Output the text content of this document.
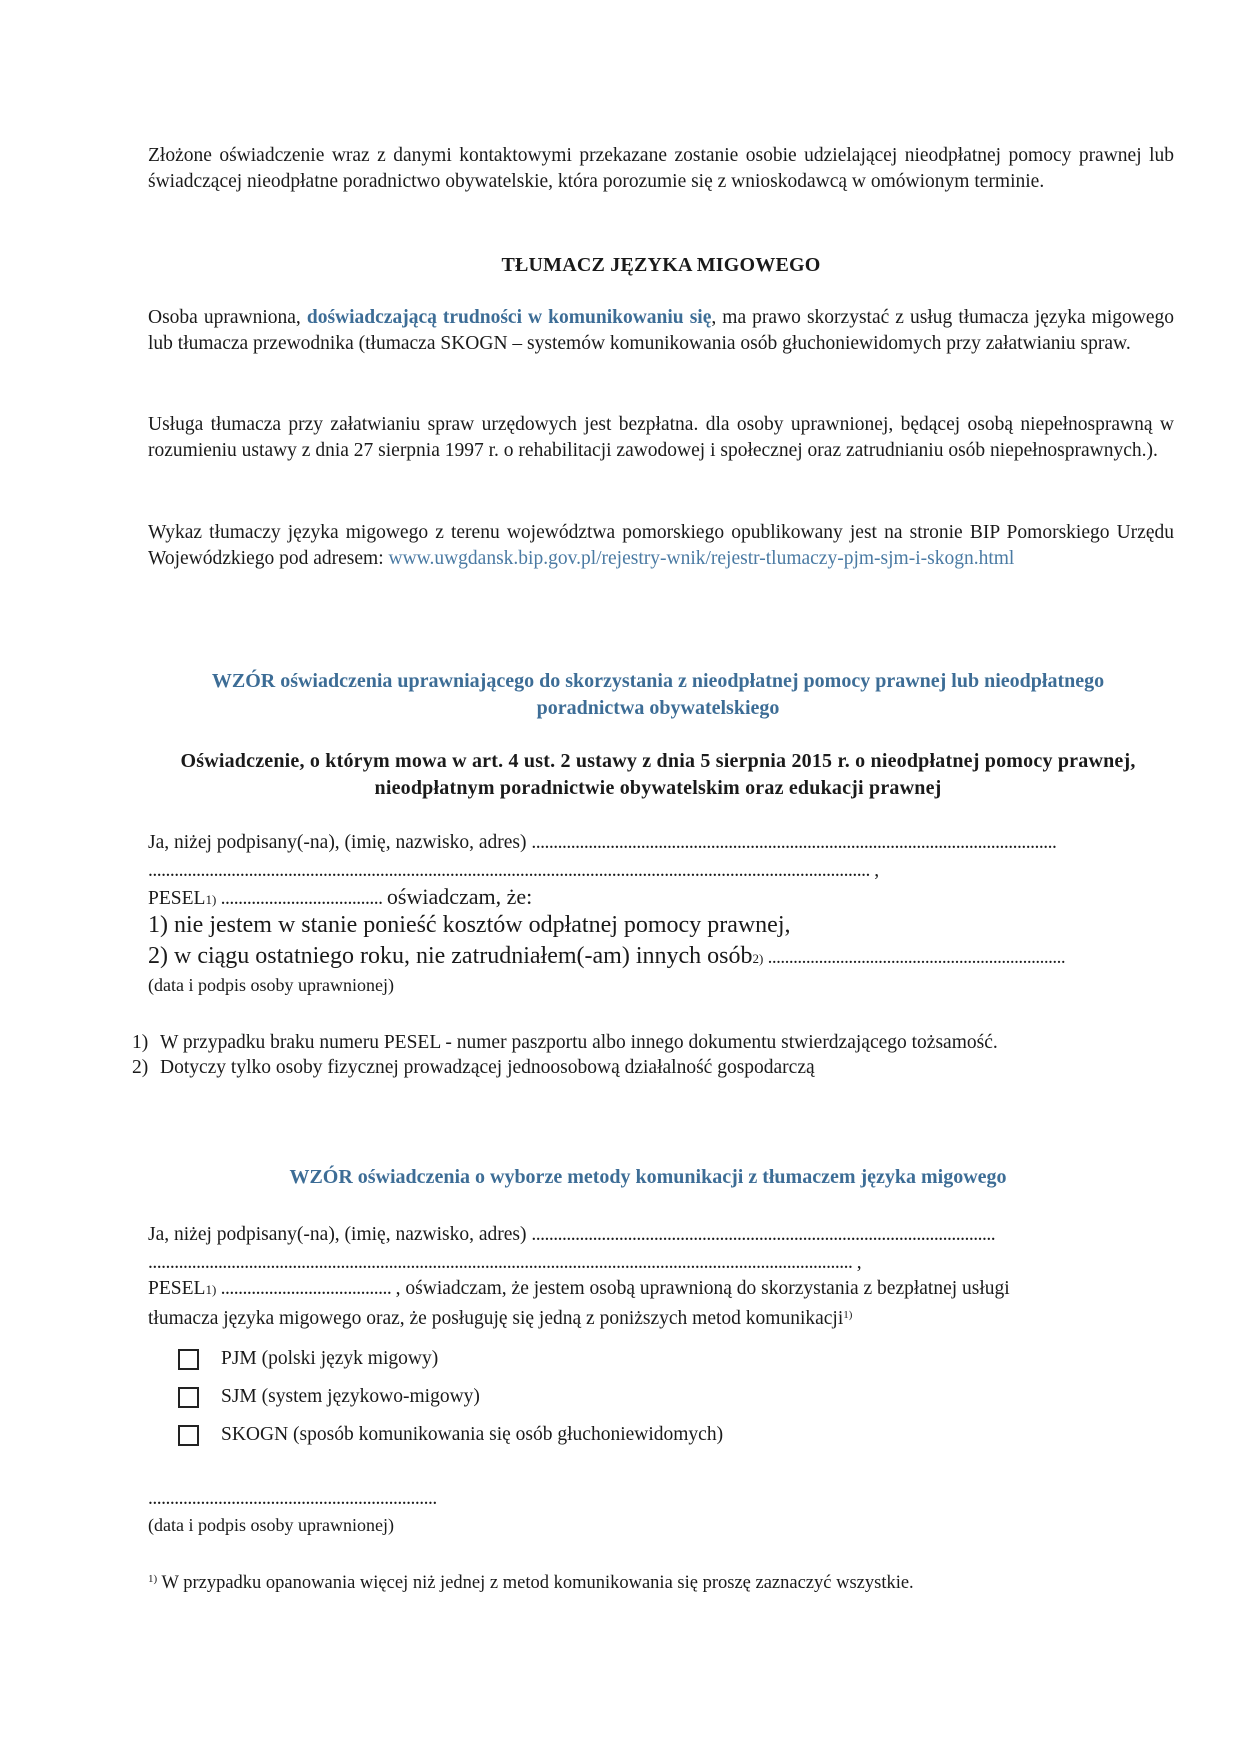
Złożone oświadczenie wraz z danymi kontaktowymi przekazane zostanie osobie udzielającej nieodpłatnej pomocy prawnej lub świadczącej nieodpłatne poradnictwo obywatelskie, która porozumie się z wnioskodawcą w omówionym terminie.
TŁUMACZ JĘZYKA MIGOWEGO
Osoba uprawniona, doświadczającą trudności w komunikowaniu się, ma prawo skorzystać z usług tłumacza języka migowego lub tłumacza przewodnika (tłumacza SKOGN – systemów komunikowania osób głuchoniewidomych przy załatwianiu spraw.
Usługa tłumacza przy załatwianiu spraw urzędowych jest bezpłatna. dla osoby uprawnionej, będącej osobą niepełnosprawną w rozumieniu ustawy z dnia 27 sierpnia 1997 r. o rehabilitacji zawodowej i społecznej oraz zatrudnianiu osób niepełnosprawnych.).
Wykaz tłumaczy języka migowego z terenu województwa pomorskiego opublikowany jest na stronie BIP Pomorskiego Urzędu Wojewódzkiego pod adresem: www.uwgdansk.bip.gov.pl/rejestry-wnik/rejestr-tlumaczy-pjm-sjm-i-skogn.html
WZÓR oświadczenia uprawniającego do skorzystania z nieodpłatnej pomocy prawnej lub nieodpłatnego poradnictwa obywatelskiego
Oświadczenie, o którym mowa w art. 4 ust. 2 ustawy z dnia 5 sierpnia 2015 r. o nieodpłatnej pomocy prawnej, nieodpłatnym poradnictwie obywatelskim oraz edukacji prawnej
Ja, niżej podpisany(-na), (imię, nazwisko, adres) ........................................................................................................................
..................................................................................................................................................................... ,
PESEL1) ..................................... oświadczam, że:
1) nie jestem w stanie ponieść kosztów odpłatnej pomocy prawnej,
2) w ciągu ostatniego roku, nie zatrudniałem(-am) innych osób2) ......................................................................
(data i podpis osoby uprawnionej)
1) W przypadku braku numeru PESEL - numer paszportu albo innego dokumentu stwierdzającego tożsamość.
2) Dotyczy tylko osoby fizycznej prowadzącej jednoosobową działalność gospodarczą
WZÓR oświadczenia o wyborze metody komunikacji z tłumaczem języka migowego
Ja, niżej podpisany(-na), (imię, nazwisko, adres) ..........................................................................................................
................................................................................................................................................................. ,
PESEL1) ....................................... , oświadczam, że jestem osobą uprawnioną do skorzystania z bezpłatnej usługi
tłumacza języka migowego oraz, że posługuję się jedną z poniższych metod komunikacji$^{1)}$
PJM (polski język migowy)
SJM (system językowo-migowy)
SKOGN (sposób komunikowania się osób głuchoniewidomych)
..................................................................
(data i podpis osoby uprawnionej)
$^{1)}$ W przypadku opanowania więcej niż jednej z metod komunikowania się proszę zaznaczyć wszystkie.
